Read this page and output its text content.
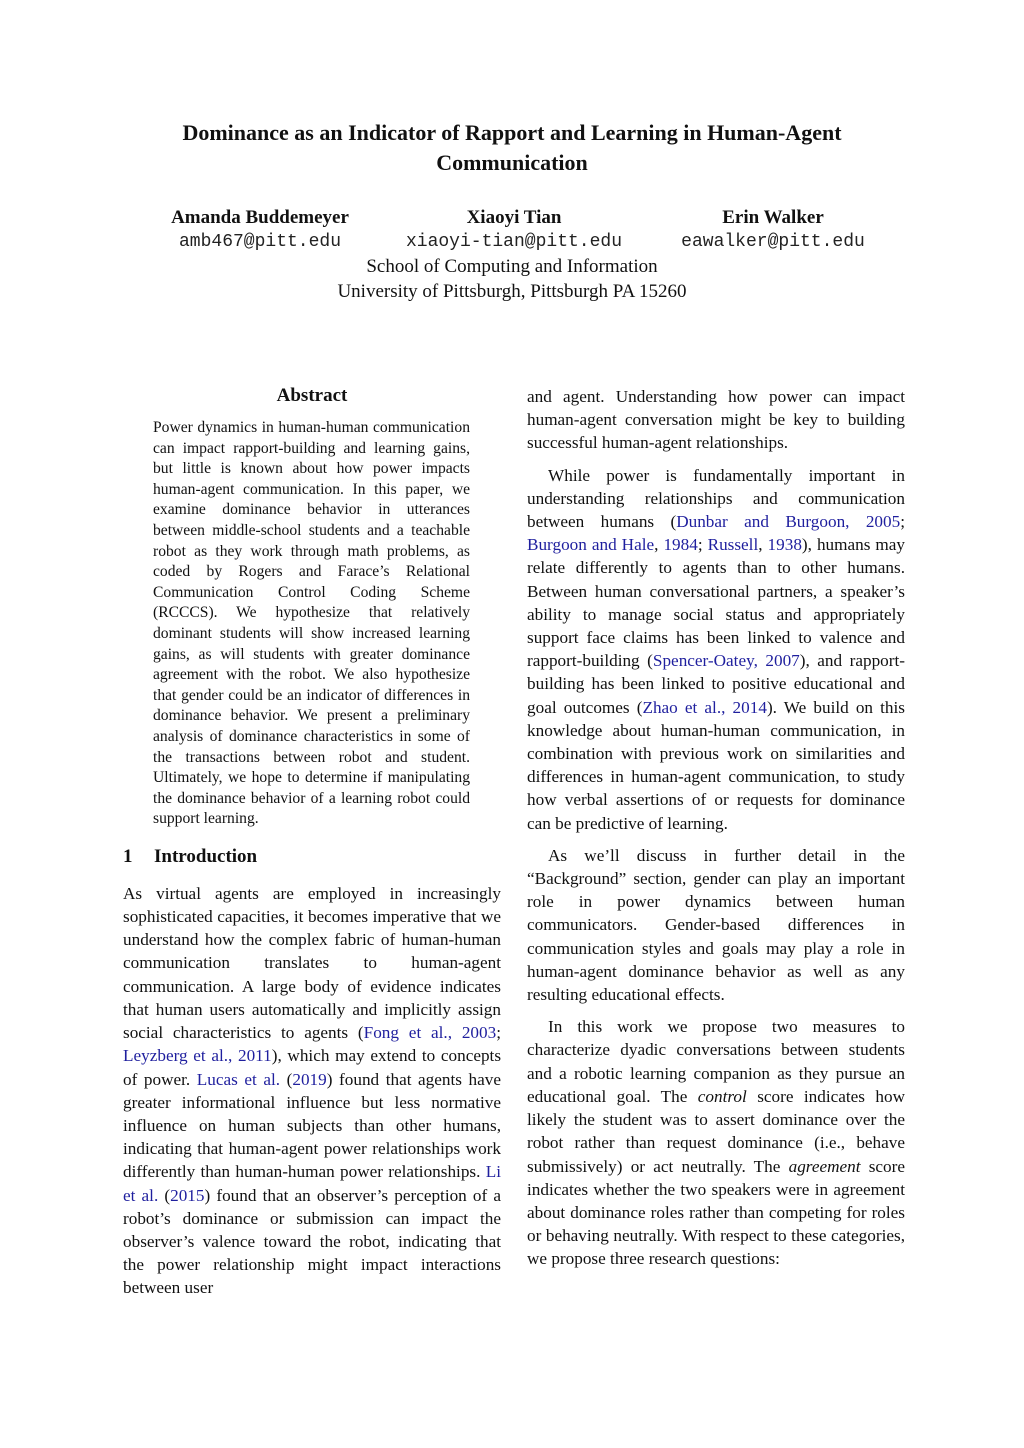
Dominance as an Indicator of Rapport and Learning in Human-Agent Communication
Amanda Buddemeyer
amb467@pitt.edu
Xiaoyi Tian
xiaoyi-tian@pitt.edu
Erin Walker
eawalker@pitt.edu
School of Computing and Information
University of Pittsburgh, Pittsburgh PA 15260
Abstract
Power dynamics in human-human communication can impact rapport-building and learning gains, but little is known about how power impacts human-agent communication. In this paper, we examine dominance behavior in utterances between middle-school students and a teachable robot as they work through math problems, as coded by Rogers and Farace’s Relational Communication Control Coding Scheme (RCCCS). We hypothesize that relatively dominant students will show increased learning gains, as will students with greater dominance agreement with the robot. We also hypothesize that gender could be an indicator of differences in dominance behavior. We present a preliminary analysis of dominance characteristics in some of the transactions between robot and student. Ultimately, we hope to determine if manipulating the dominance behavior of a learning robot could support learning.
1 Introduction

As virtual agents are employed in increasingly sophisticated capacities, it becomes imperative that we understand how the complex fabric of human-human communication translates to human-agent communication. A large body of evidence indicates that human users automatically and implicitly assign social characteristics to agents (Fong et al., 2003; Leyzberg et al., 2011), which may extend to concepts of power. Lucas et al. (2019) found that agents have greater informational influence but less normative influence on human subjects than other humans, indicating that human-agent power relationships work differently than human-human power relationships. Li et al. (2015) found that an observer’s perception of a robot’s dominance or submission can impact the observer’s valence toward the robot, indicating that the power relationship might impact interactions between user

and agent. Understanding how power can impact human-agent conversation might be key to building successful human-agent relationships.

While power is fundamentally important in understanding relationships and communication between humans (Dunbar and Burgoon, 2005; Burgoon and Hale, 1984; Russell, 1938), humans may relate differently to agents than to other humans. Between human conversational partners, a speaker’s ability to manage social status and appropriately support face claims has been linked to valence and rapport-building (Spencer-Oatey, 2007), and rapport-building has been linked to positive educational and goal outcomes (Zhao et al., 2014). We build on this knowledge about human-human communication, in combination with previous work on similarities and differences in human-agent communication, to study how verbal assertions of or requests for dominance can be predictive of learning.

As we’ll discuss in further detail in the “Background” section, gender can play an important role in power dynamics between human communicators. Gender-based differences in communication styles and goals may play a role in human-agent dominance behavior as well as any resulting educational effects.

In this work we propose two measures to characterize dyadic conversations between students and a robotic learning companion as they pursue an educational goal. The control score indicates how likely the student was to assert dominance over the robot rather than request dominance (i.e., behave submissively) or act neutrally. The agreement score indicates whether the two speakers were in agreement about dominance roles rather than competing for roles or behaving neutrally. With respect to these categories, we propose three research questions:
